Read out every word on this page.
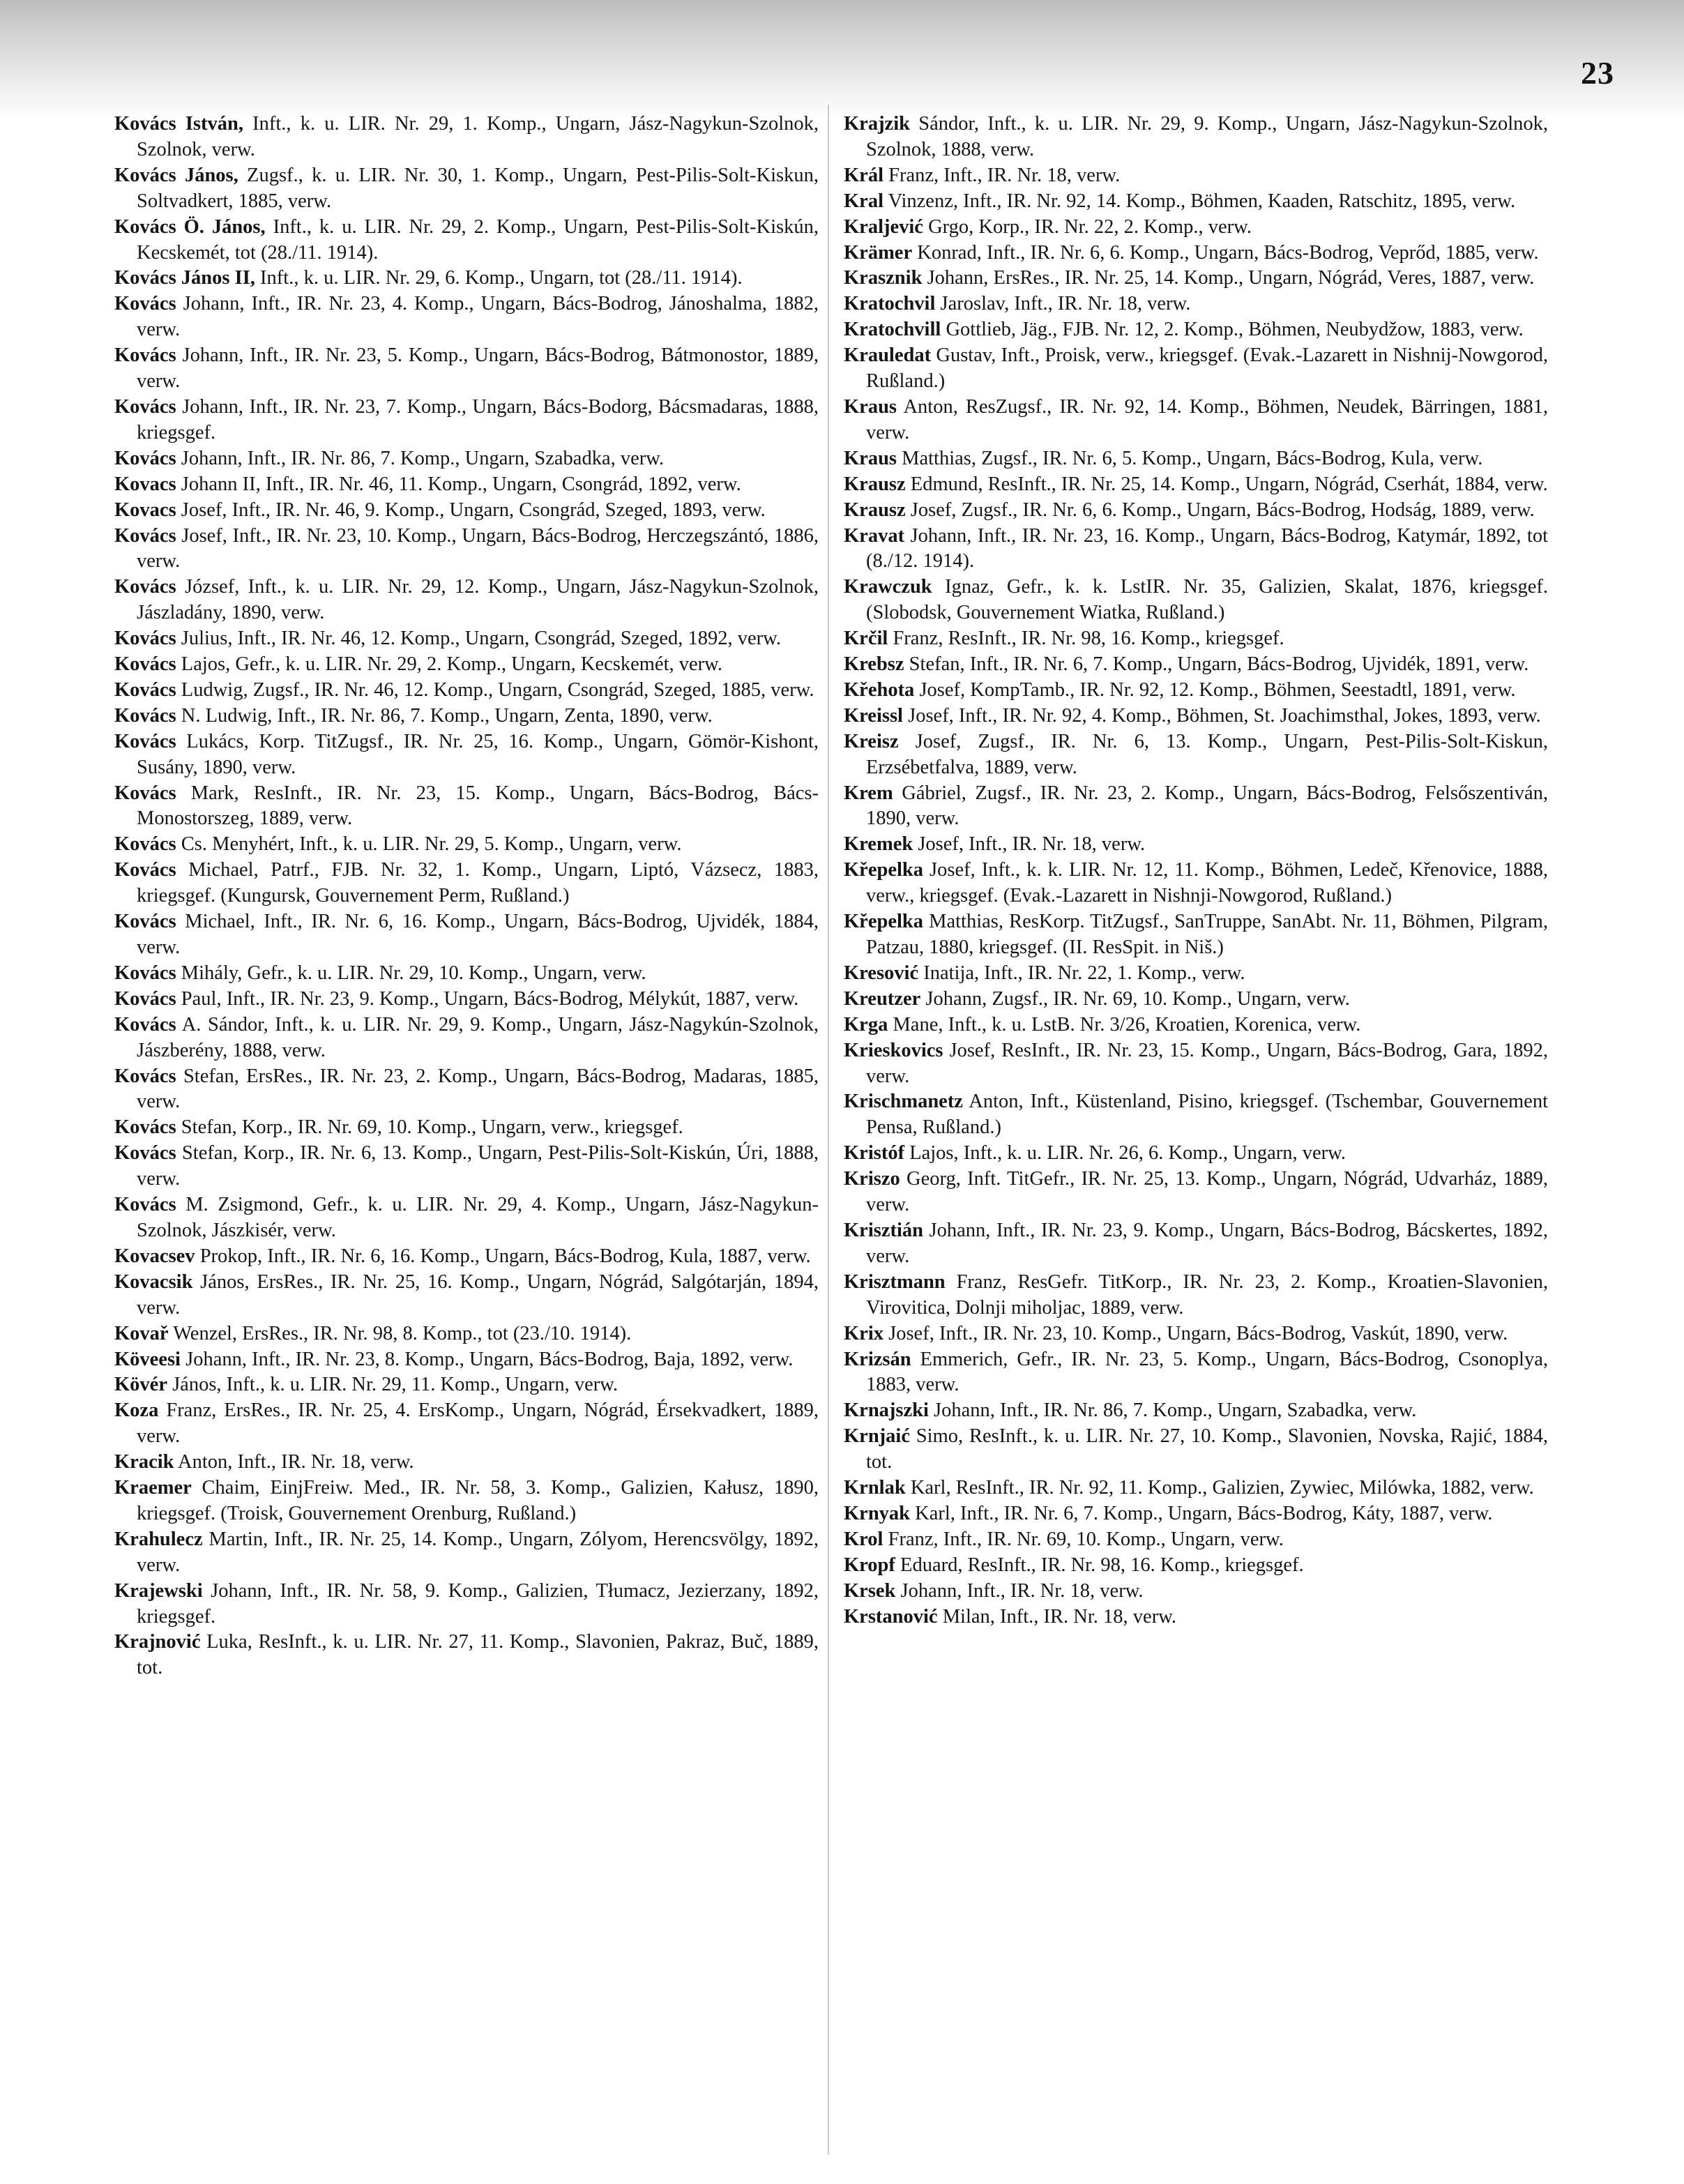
23

Kovács István, Inft., k. u. LIR. Nr. 29, 1. Komp., Ungarn, Jász-Nagykun-Szolnok, Szolnok, verw.

Kovács János, Zugsf., k. u. LIR. Nr. 30, 1. Komp., Ungarn, Pest-Pilis-Solt-Kiskun, Soltvadkert, 1885, verw.

Kovács Ö. János, Inft., k. u. LIR. Nr. 29, 2. Komp., Ungarn, Pest-Pilis-Solt-Kiskún, Kecskemét, tot (28./11. 1914).

Kovács János II, Inft., k. u. LIR. Nr. 29, 6. Komp., Ungarn, tot (28./11. 1914).

Kovács Johann, Inft., IR. Nr. 23, 4. Komp., Ungarn, Bács-Bodrog, Jánoshalma, 1882, verw.

Kovács Johann, Inft., IR. Nr. 23, 5. Komp., Ungarn, Bács-Bodrog, Bátmonostor, 1889, verw.

Kovács Johann, Inft., IR. Nr. 23, 7. Komp., Ungarn, Bács-Bodorg, Bácsmadaras, 1888, kriegsgef.

Kovács Johann, Inft., IR. Nr. 86, 7. Komp., Ungarn, Szabadka, verw.

Kovacs Johann II, Inft., IR. Nr. 46, 11. Komp., Ungarn, Csongrád, 1892, verw.

Kovacs Josef, Inft., IR. Nr. 46, 9. Komp., Ungarn, Csongrád, Szeged, 1893, verw.

Kovács Josef, Inft., IR. Nr. 23, 10. Komp., Ungarn, Bács-Bodrog, Herczegszántó, 1886, verw.

Kovács József, Inft., k. u. LIR. Nr. 29, 12. Komp., Ungarn, Jász-Nagykun-Szolnok, Jászladány, 1890, verw.

Kovács Julius, Inft., IR. Nr. 46, 12. Komp., Ungarn, Csongrád, Szeged, 1892, verw.

Kovács Lajos, Gefr., k. u. LIR. Nr. 29, 2. Komp., Ungarn, Kecskemét, verw.

Kovács Ludwig, Zugsf., IR. Nr. 46, 12. Komp., Ungarn, Csongrád, Szeged, 1885, verw.

Kovács N. Ludwig, Inft., IR. Nr. 86, 7. Komp., Ungarn, Zenta, 1890, verw.

Kovács Lukács, Korp. TitZugsf., IR. Nr. 25, 16. Komp., Ungarn, Gömör-Kishont, Susány, 1890, verw.

Kovács Mark, ResInft., IR. Nr. 23, 15. Komp., Ungarn, Bács-Bodrog, Bács-Monostorszeg, 1889, verw.

Kovács Cs. Menyhért, Inft., k. u. LIR. Nr. 29, 5. Komp., Ungarn, verw.

Kovács Michael, Patrf., FJB. Nr. 32, 1. Komp., Ungarn, Liptó, Vázsecz, 1883, kriegsgef. (Kungursk, Gouvernement Perm, Rußland.)

Kovács Michael, Inft., IR. Nr. 6, 16. Komp., Ungarn, Bács-Bodrog, Ujvidék, 1884, verw.

Kovács Mihály, Gefr., k. u. LIR. Nr. 29, 10. Komp., Ungarn, verw.

Kovács Paul, Inft., IR. Nr. 23, 9. Komp., Ungarn, Bács-Bodrog, Mélykút, 1887, verw.

Kovács A. Sándor, Inft., k. u. LIR. Nr. 29, 9. Komp., Ungarn, Jász-Nagykún-Szolnok, Jászberény, 1888, verw.

Kovács Stefan, ErsRes., IR. Nr. 23, 2. Komp., Ungarn, Bács-Bodrog, Madaras, 1885, verw.

Kovács Stefan, Korp., IR. Nr. 69, 10. Komp., Ungarn, verw., kriegsgef.

Kovács Stefan, Korp., IR. Nr. 6, 13. Komp., Ungarn, Pest-Pilis-Solt-Kiskún, Úri, 1888, verw.

Kovács M. Zsigmond, Gefr., k. u. LIR. Nr. 29, 4. Komp., Ungarn, Jász-Nagykun-Szolnok, Jászkisér, verw.

Kovacsev Prokop, Inft., IR. Nr. 6, 16. Komp., Ungarn, Bács-Bodrog, Kula, 1887, verw.

Kovacsik János, ErsRes., IR. Nr. 25, 16. Komp., Ungarn, Nógrád, Salgótarján, 1894, verw.

Kovař Wenzel, ErsRes., IR. Nr. 98, 8. Komp., tot (23./10. 1914).

Köveesi Johann, Inft., IR. Nr. 23, 8. Komp., Ungarn, Bács-Bodrog, Baja, 1892, verw.

Kövér János, Inft., k. u. LIR. Nr. 29, 11. Komp., Ungarn, verw.

Koza Franz, ErsRes., IR. Nr. 25, 4. ErsKomp., Ungarn, Nógrád, Érsekvadkert, 1889, verw.

Kracik Anton, Inft., IR. Nr. 18, verw.

Kraemer Chaim, EinjFreiw. Med., IR. Nr. 58, 3. Komp., Galizien, Kałusz, 1890, kriegsgef. (Troisk, Gouvernement Orenburg, Rußland.)

Krahulecz Martin, Inft., IR. Nr. 25, 14. Komp., Ungarn, Zólyom, Herencsvölgy, 1892, verw.

Krajewski Johann, Inft., IR. Nr. 58, 9. Komp., Galizien, Tłumacz, Jezierzany, 1892, kriegsgef.

Krajnović Luka, ResInft., k. u. LIR. Nr. 27, 11. Komp., Slavonien, Pakraz, Buč, 1889, tot.

Krajzik Sándor, Inft., k. u. LIR. Nr. 29, 9. Komp., Ungarn, Jász-Nagykun-Szolnok, Szolnok, 1888, verw.

Král Franz, Inft., IR. Nr. 18, verw.

Kral Vinzenz, Inft., IR. Nr. 92, 14. Komp., Böhmen, Kaaden, Ratschitz, 1895, verw.

Kraljević Grgo, Korp., IR. Nr. 22, 2. Komp., verw.

Krämer Konrad, Inft., IR. Nr. 6, 6. Komp., Ungarn, Bács-Bodrog, Veprőd, 1885, verw.

Krasznik Johann, ErsRes., IR. Nr. 25, 14. Komp., Ungarn, Nógrád, Veres, 1887, verw.

Kratochvil Jaroslav, Inft., IR. Nr. 18, verw.

Kratochvill Gottlieb, Jäg., FJB. Nr. 12, 2. Komp., Böhmen, Neubydžow, 1883, verw.

Krauledat Gustav, Inft., Proisk, verw., kriegsgef. (Evak.-Lazarett in Nishnij-Nowgorod, Rußland.)

Kraus Anton, ResZugsf., IR. Nr. 92, 14. Komp., Böhmen, Neudek, Bärringen, 1881, verw.

Kraus Matthias, Zugsf., IR. Nr. 6, 5. Komp., Ungarn, Bács-Bodrog, Kula, verw.

Krausz Edmund, ResInft., IR. Nr. 25, 14. Komp., Ungarn, Nógrád, Cserhát, 1884, verw.

Krausz Josef, Zugsf., IR. Nr. 6, 6. Komp., Ungarn, Bács-Bodrog, Hodság, 1889, verw.

Kravat Johann, Inft., IR. Nr. 23, 16. Komp., Ungarn, Bács-Bodrog, Katymár, 1892, tot (8./12. 1914).

Krawczuk Ignaz, Gefr., k. k. LstIR. Nr. 35, Galizien, Skalat, 1876, kriegsgef. (Slobodsk, Gouvernement Wiatka, Rußland.)

Krčil Franz, ResInft., IR. Nr. 98, 16. Komp., kriegsgef.

Krebsz Stefan, Inft., IR. Nr. 6, 7. Komp., Ungarn, Bács-Bodrog, Ujvidék, 1891, verw.

Křehota Josef, KompTamb., IR. Nr. 92, 12. Komp., Böhmen, Seestadtl, 1891, verw.

Kreissl Josef, Inft., IR. Nr. 92, 4. Komp., Böhmen, St. Joachimsthal, Jokes, 1893, verw.

Kreisz Josef, Zugsf., IR. Nr. 6, 13. Komp., Ungarn, Pest-Pilis-Solt-Kiskun, Erzsébetfalva, 1889, verw.

Krem Gábriel, Zugsf., IR. Nr. 23, 2. Komp., Ungarn, Bács-Bodrog, Felsőszentiván, 1890, verw.

Kremek Josef, Inft., IR. Nr. 18, verw.

Křepelka Josef, Inft., k. k. LIR. Nr. 12, 11. Komp., Böhmen, Ledeč, Křenovice, 1888, verw., kriegsgef. (Evak.-Lazarett in Nishnji-Nowgorod, Rußland.)

Křepelka Matthias, ResKorp. TitZugsf., SanTruppe, SanAbt. Nr. 11, Böhmen, Pilgram, Patzau, 1880, kriegsgef. (II. ResSpit. in Niš.)

Kresović Inatija, Inft., IR. Nr. 22, 1. Komp., verw.

Kreutzer Johann, Zugsf., IR. Nr. 69, 10. Komp., Ungarn, verw.

Krga Mane, Inft., k. u. LstB. Nr. 3/26, Kroatien, Korenica, verw.

Krieskovics Josef, ResInft., IR. Nr. 23, 15. Komp., Ungarn, Bács-Bodrog, Gara, 1892, verw.

Krischmanetz Anton, Inft., Küstenland, Pisino, kriegsgef. (Tschembar, Gouvernement Pensa, Rußland.)

Kristóf Lajos, Inft., k. u. LIR. Nr. 26, 6. Komp., Ungarn, verw.

Kriszo Georg, Inft. TitGefr., IR. Nr. 25, 13. Komp., Ungarn, Nógrád, Udvarház, 1889, verw.

Krisztián Johann, Inft., IR. Nr. 23, 9. Komp., Ungarn, Bács-Bodrog, Bácskertes, 1892, verw.

Krisztmann Franz, ResGefr. TitKorp., IR. Nr. 23, 2. Komp., Kroatien-Slavonien, Virovitica, Dolnji miholjac, 1889, verw.

Krix Josef, Inft., IR. Nr. 23, 10. Komp., Ungarn, Bács-Bodrog, Vaskút, 1890, verw.

Krizsán Emmerich, Gefr., IR. Nr. 23, 5. Komp., Ungarn, Bács-Bodrog, Csonoplya, 1883, verw.

Krnajszki Johann, Inft., IR. Nr. 86, 7. Komp., Ungarn, Szabadka, verw.

Krnjaić Simo, ResInft., k. u. LIR. Nr. 27, 10. Komp., Slavonien, Novska, Rajić, 1884, tot.

Krnlak Karl, ResInft., IR. Nr. 92, 11. Komp., Galizien, Zywiec, Milówka, 1882, verw.

Krnyak Karl, Inft., IR. Nr. 6, 7. Komp., Ungarn, Bács-Bodrog, Káty, 1887, verw.

Krol Franz, Inft., IR. Nr. 69, 10. Komp., Ungarn, verw.

Kropf Eduard, ResInft., IR. Nr. 98, 16. Komp., kriegsgef.

Krsek Johann, Inft., IR. Nr. 18, verw.

Krstanović Milan, Inft., IR. Nr. 18, verw.
